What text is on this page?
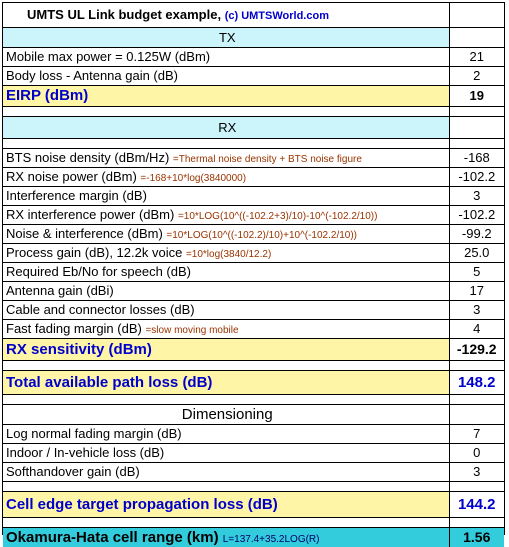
UMTS UL Link budget example, (c) UMTSWorld.com	
TX	
Mobile max power = 0.125W (dBm)	21
Body loss - Antenna gain (dB)	2
EIRP (dBm)	19

RX	

BTS noise density (dBm/Hz) =Thermal noise density + BTS noise figure	-168
RX noise power (dBm) =-168+10*log(3840000)	-102.2
Interference margin (dB)	3
RX interference power (dBm) =10*LOG(10^((-102.2+3)/10)-10^(-102.2/10))	-102.2
Noise & interference (dBm) =10*LOG(10^((-102.2)/10)+10^(-102.2/10))	-99.2
Process gain (dB), 12.2k voice =10*log(3840/12.2)	25.0
Required Eb/No for speech (dB)	5
Antenna gain (dBi)	17
Cable and connector losses (dB)	3
Fast fading margin (dB) =slow moving mobile	4
RX sensitivity (dBm)	-129.2

Total available path loss (dB)	148.2

Dimensioning	
Log normal fading margin (dB)	7
Indoor / In-vehicle loss (dB)	0
Softhandover gain (dB)	3

Cell edge target propagation loss (dB)	144.2

Okamura-Hata cell range (km) L=137.4+35.2LOG(R)	1.56
